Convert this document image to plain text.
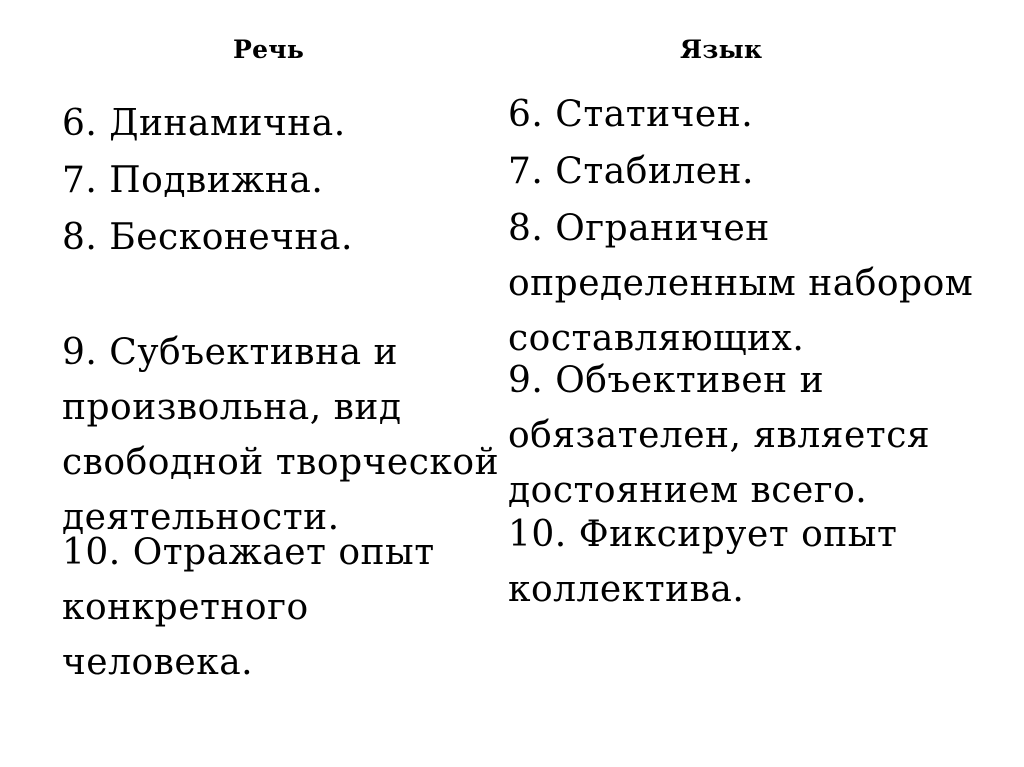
Речь	Язык

6. Динамична.

7. Подвижна.

8. Бесконечна.

9. Субъективна и
произвольна, вид
свободной творческой
деятельности.

10. Отражает опыт
конкретного
человека.

6. Статичен.

7. Стабилен.

8. Ограничен
определенным набором
составляющих.

9. Объективен и
обязателен, является
достоянием всего.

10. Фиксирует опыт
коллектива.
